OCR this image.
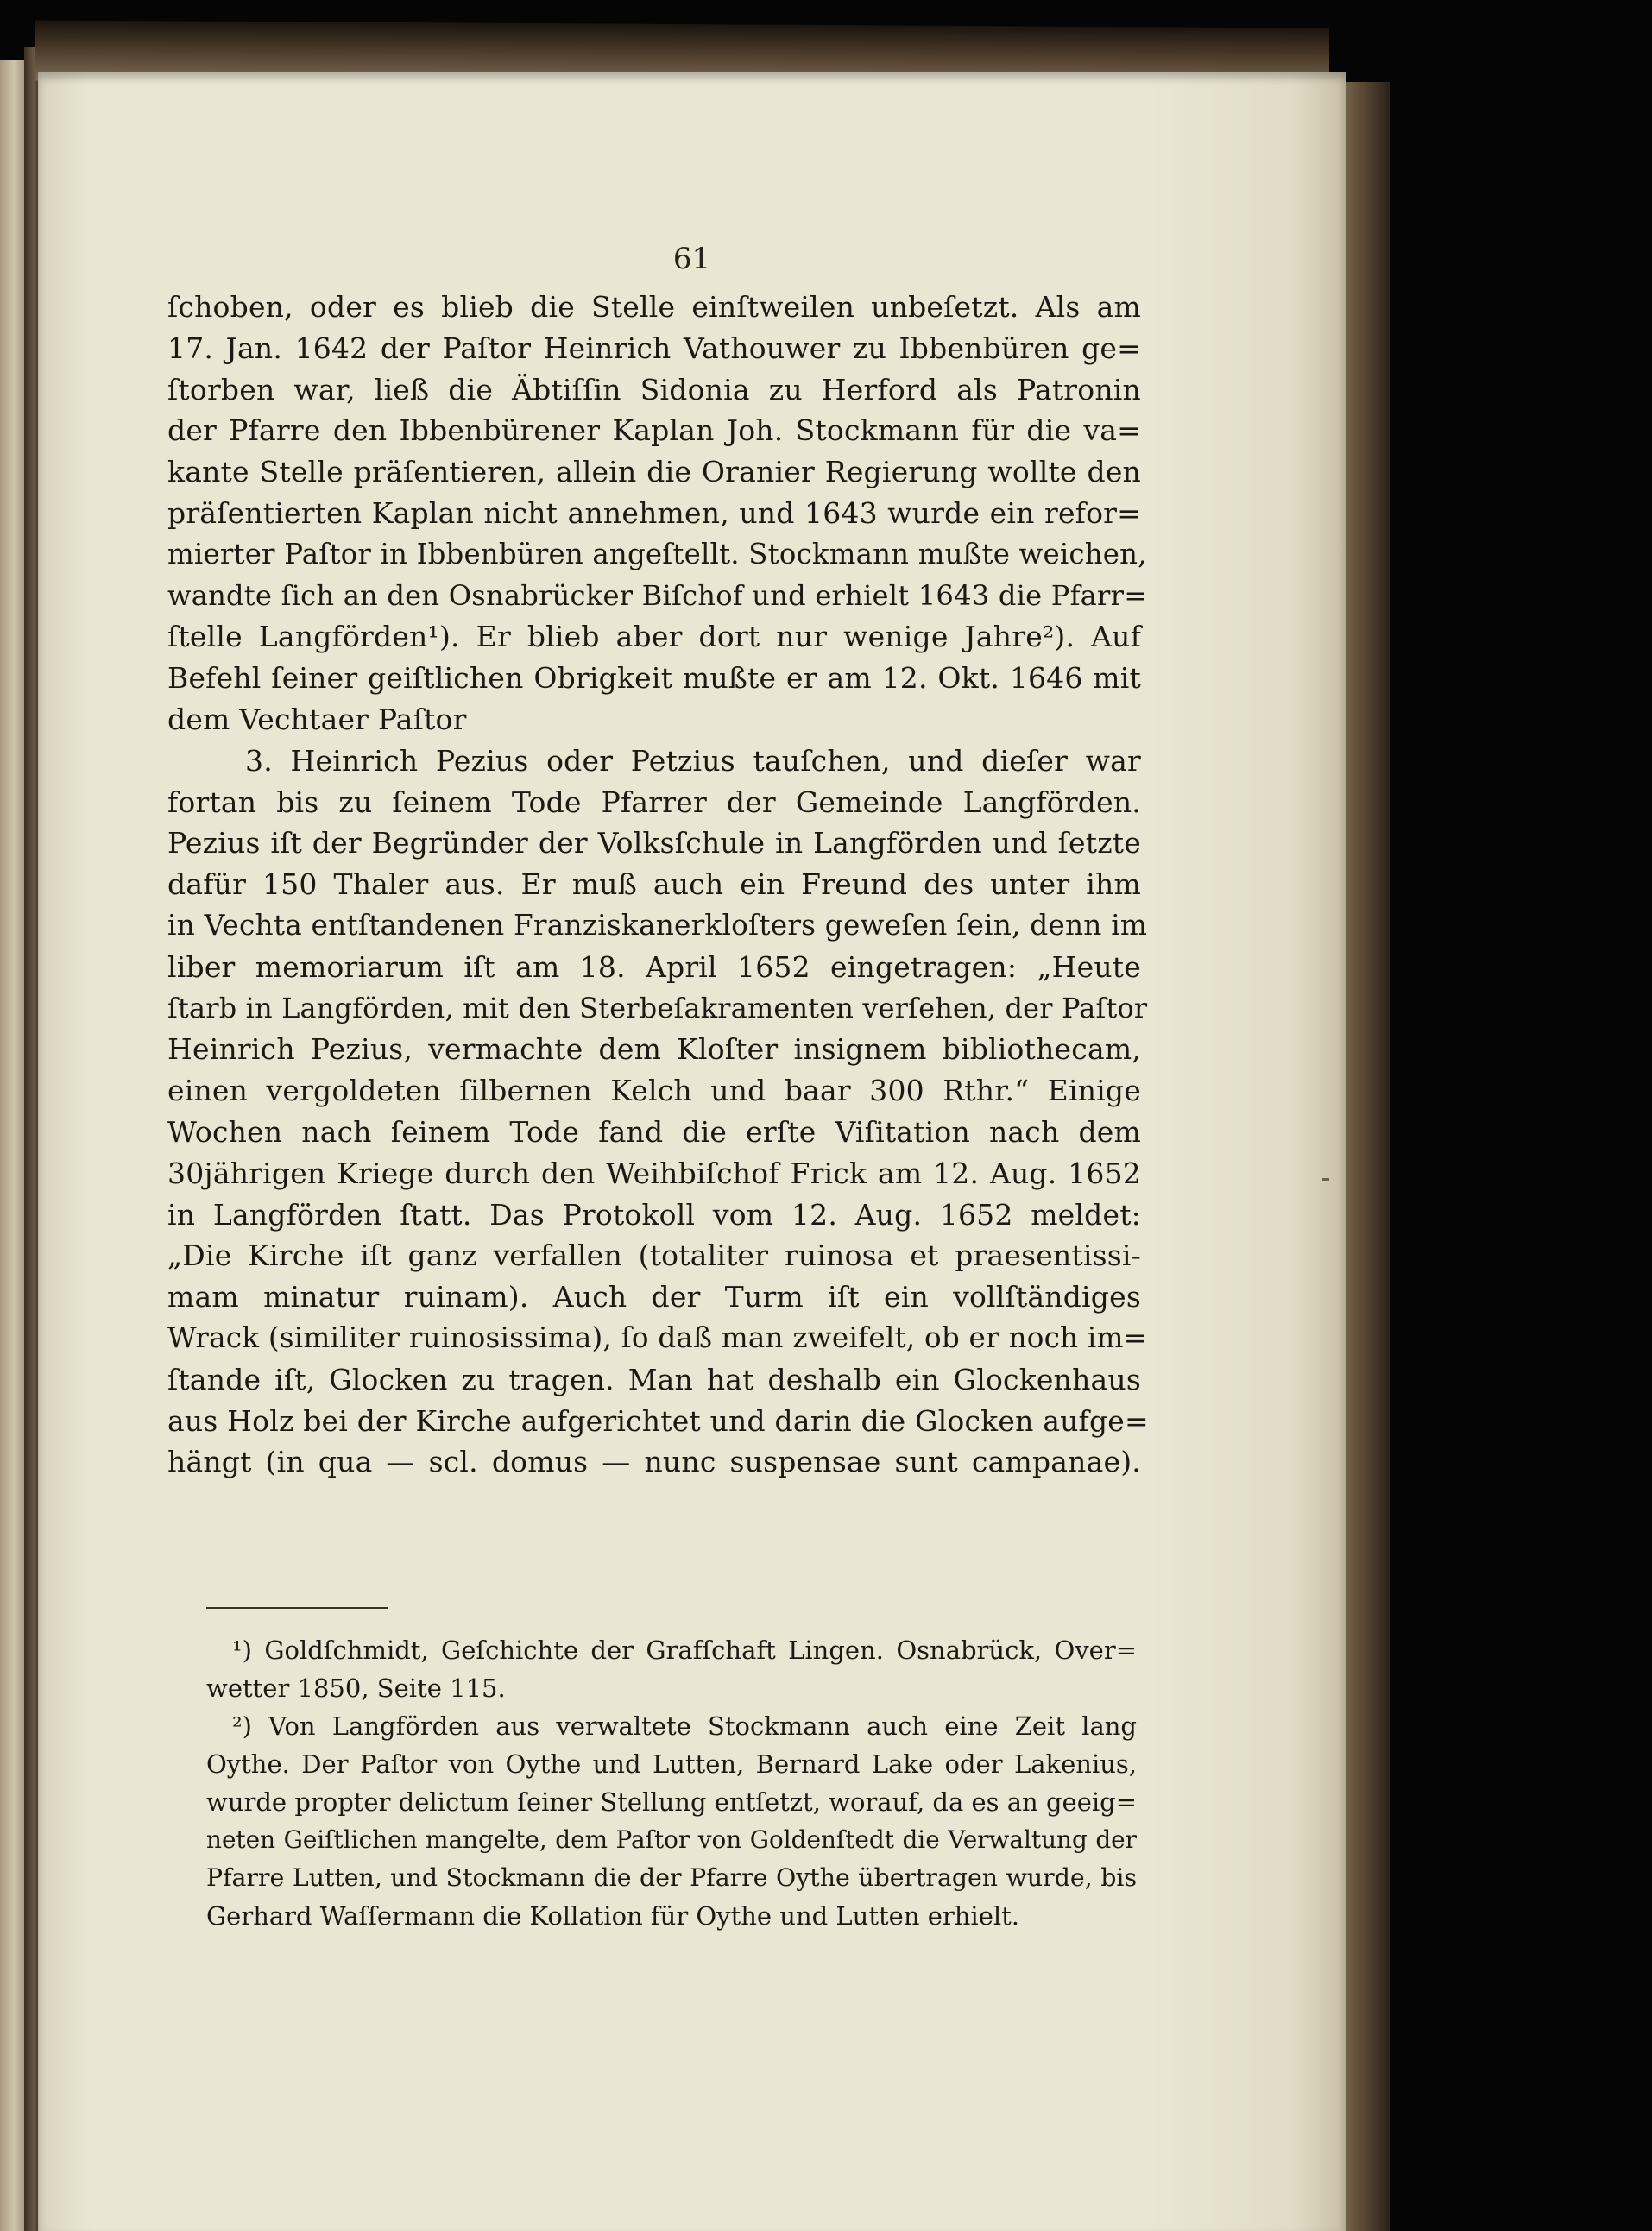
61
ſchoben, oder es blieb die Stelle einſtweilen unbeſetzt. Als am
17. Jan. 1642 der Paſtor Heinrich Vathouwer zu Ibbenbüren ge=
ſtorben war, ließ die Äbtiſſin Sidonia zu Herford als Patronin
der Pfarre den Ibbenbürener Kaplan Joh. Stockmann für die va=
kante Stelle präſentieren, allein die Oranier Regierung wollte den
präſentierten Kaplan nicht annehmen, und 1643 wurde ein refor=
mierter Paſtor in Ibbenbüren angeſtellt. Stockmann mußte weichen,
wandte ſich an den Osnabrücker Biſchof und erhielt 1643 die Pfarr=
ſtelle Langförden¹). Er blieb aber dort nur wenige Jahre²). Auf
Befehl ſeiner geiſtlichen Obrigkeit mußte er am 12. Okt. 1646 mit
dem Vechtaer Paſtor
3. Heinrich Pezius oder Petzius tauſchen, und dieſer war
fortan bis zu ſeinem Tode Pfarrer der Gemeinde Langförden.
Pezius iſt der Begründer der Volksſchule in Langförden und ſetzte
dafür 150 Thaler aus. Er muß auch ein Freund des unter ihm
in Vechta entſtandenen Franziskanerkloſters geweſen ſein, denn im
liber memoriarum iſt am 18. April 1652 eingetragen: „Heute
ſtarb in Langförden, mit den Sterbeſakramenten verſehen, der Paſtor
Heinrich Pezius, vermachte dem Kloſter insignem bibliothecam,
einen vergoldeten ſilbernen Kelch und baar 300 Rthr.“ Einige
Wochen nach ſeinem Tode fand die erſte Viſitation nach dem
30jährigen Kriege durch den Weihbiſchof Frick am 12. Aug. 1652
in Langförden ſtatt. Das Protokoll vom 12. Aug. 1652 meldet:
„Die Kirche iſt ganz verfallen (totaliter ruinosa et praesentissi-
mam minatur ruinam). Auch der Turm iſt ein vollſtändiges
Wrack (similiter ruinosissima), ſo daß man zweifelt, ob er noch im=
ſtande iſt, Glocken zu tragen. Man hat deshalb ein Glockenhaus
aus Holz bei der Kirche aufgerichtet und darin die Glocken aufge=
hängt (in qua — scl. domus — nunc suspensae sunt campanae).
¹) Goldſchmidt, Geſchichte der Grafſchaft Lingen. Osnabrück, Over=
wetter 1850, Seite 115.
²) Von Langförden aus verwaltete Stockmann auch eine Zeit lang
Oythe. Der Paſtor von Oythe und Lutten, Bernard Lake oder Lakenius,
wurde propter delictum ſeiner Stellung entſetzt, worauf, da es an geeig=
neten Geiſtlichen mangelte, dem Paſtor von Goldenſtedt die Verwaltung der
Pfarre Lutten, und Stockmann die der Pfarre Oythe übertragen wurde, bis
Gerhard Waſſermann die Kollation für Oythe und Lutten erhielt.
